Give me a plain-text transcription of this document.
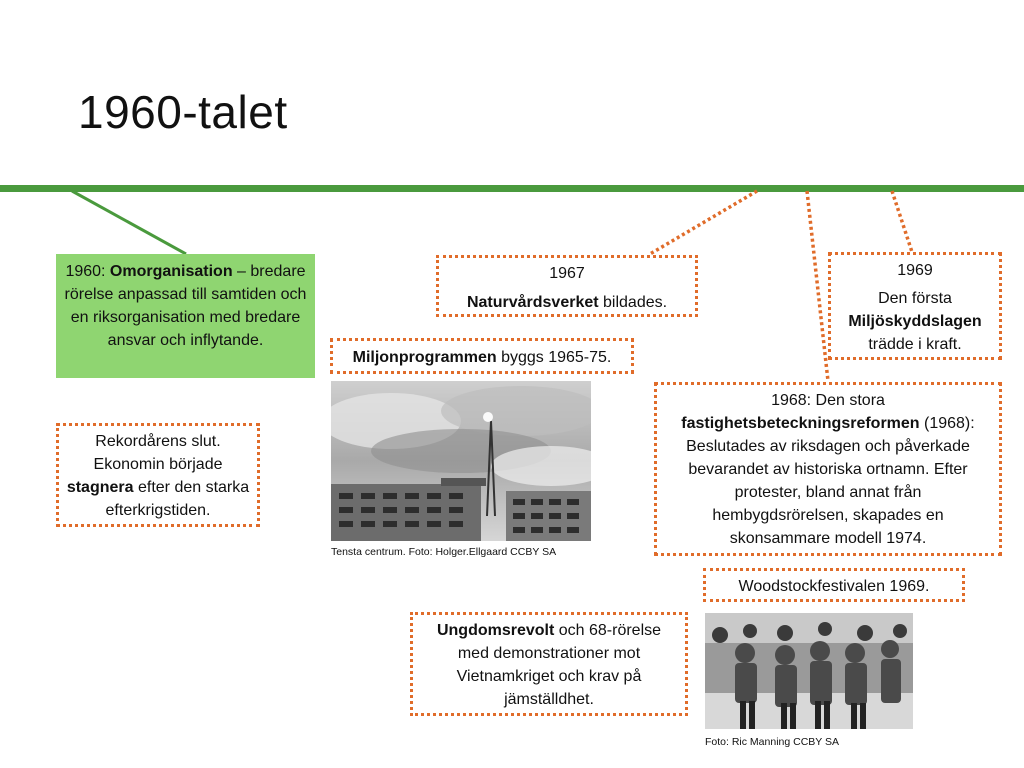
1960-talet
1960: Omorganisation – bredare rörelse anpassad till samtiden och en riksorganisation med bredare ansvar och inflytande.
Rekordårens slut.
Ekonomin började
stagnera efter den starka efterkrigstiden.
1967
Naturvårdsverket bildades.
Miljonprogrammen byggs 1965-75.
Tensta centrum. Foto: Holger.Ellgaard CCBY SA
1969
Den första
Miljöskyddslagen
trädde i kraft.
1968: Den stora fastighetsbeteckningsreformen (1968): Beslutades av riksdagen och påverkade bevarandet av historiska ortnamn. Efter protester, bland annat från hembygdsrörelsen, skapades en skonsammare modell 1974.
Woodstockfestivalen 1969.
Ungdomsrevolt och 68-rörelse med demonstrationer mot Vietnamkriget och krav på jämställdhet.
Foto: Ric Manning CCBY SA
